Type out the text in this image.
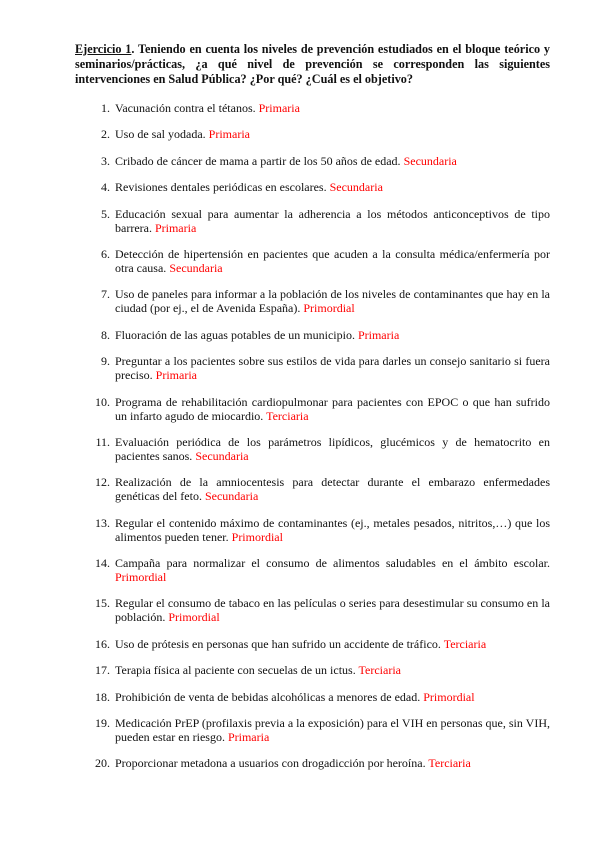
Ejercicio 1. Teniendo en cuenta los niveles de prevención estudiados en el bloque teórico y seminarios/prácticas, ¿a qué nivel de prevención se corresponden las siguientes intervenciones en Salud Pública? ¿Por qué? ¿Cuál es el objetivo?

1. Vacunación contra el tétanos. Primaria
2. Uso de sal yodada. Primaria
3. Cribado de cáncer de mama a partir de los 50 años de edad. Secundaria
4. Revisiones dentales periódicas en escolares. Secundaria
5. Educación sexual para aumentar la adherencia a los métodos anticonceptivos de tipo barrera. Primaria
6. Detección de hipertensión en pacientes que acuden a la consulta médica/enfermería por otra causa. Secundaria
7. Uso de paneles para informar a la población de los niveles de contaminantes que hay en la ciudad (por ej., el de Avenida España). Primordial
8. Fluoración de las aguas potables de un municipio. Primaria
9. Preguntar a los pacientes sobre sus estilos de vida para darles un consejo sanitario si fuera preciso. Primaria
10. Programa de rehabilitación cardiopulmonar para pacientes con EPOC o que han sufrido un infarto agudo de miocardio. Terciaria
11. Evaluación periódica de los parámetros lipídicos, glucémicos y de hematocrito en pacientes sanos. Secundaria
12. Realización de la amniocentesis para detectar durante el embarazo enfermedades genéticas del feto. Secundaria
13. Regular el contenido máximo de contaminantes (ej., metales pesados, nitritos,…) que los alimentos pueden tener. Primordial
14. Campaña para normalizar el consumo de alimentos saludables en el ámbito escolar. Primordial
15. Regular el consumo de tabaco en las películas o series para desestimular su consumo en la población. Primordial
16. Uso de prótesis en personas que han sufrido un accidente de tráfico. Terciaria
17. Terapia física al paciente con secuelas de un ictus. Terciaria
18. Prohibición de venta de bebidas alcohólicas a menores de edad. Primordial
19. Medicación PrEP (profilaxis previa a la exposición) para el VIH en personas que, sin VIH, pueden estar en riesgo. Primaria
20. Proporcionar metadona a usuarios con drogadicción por heroína. Terciaria
